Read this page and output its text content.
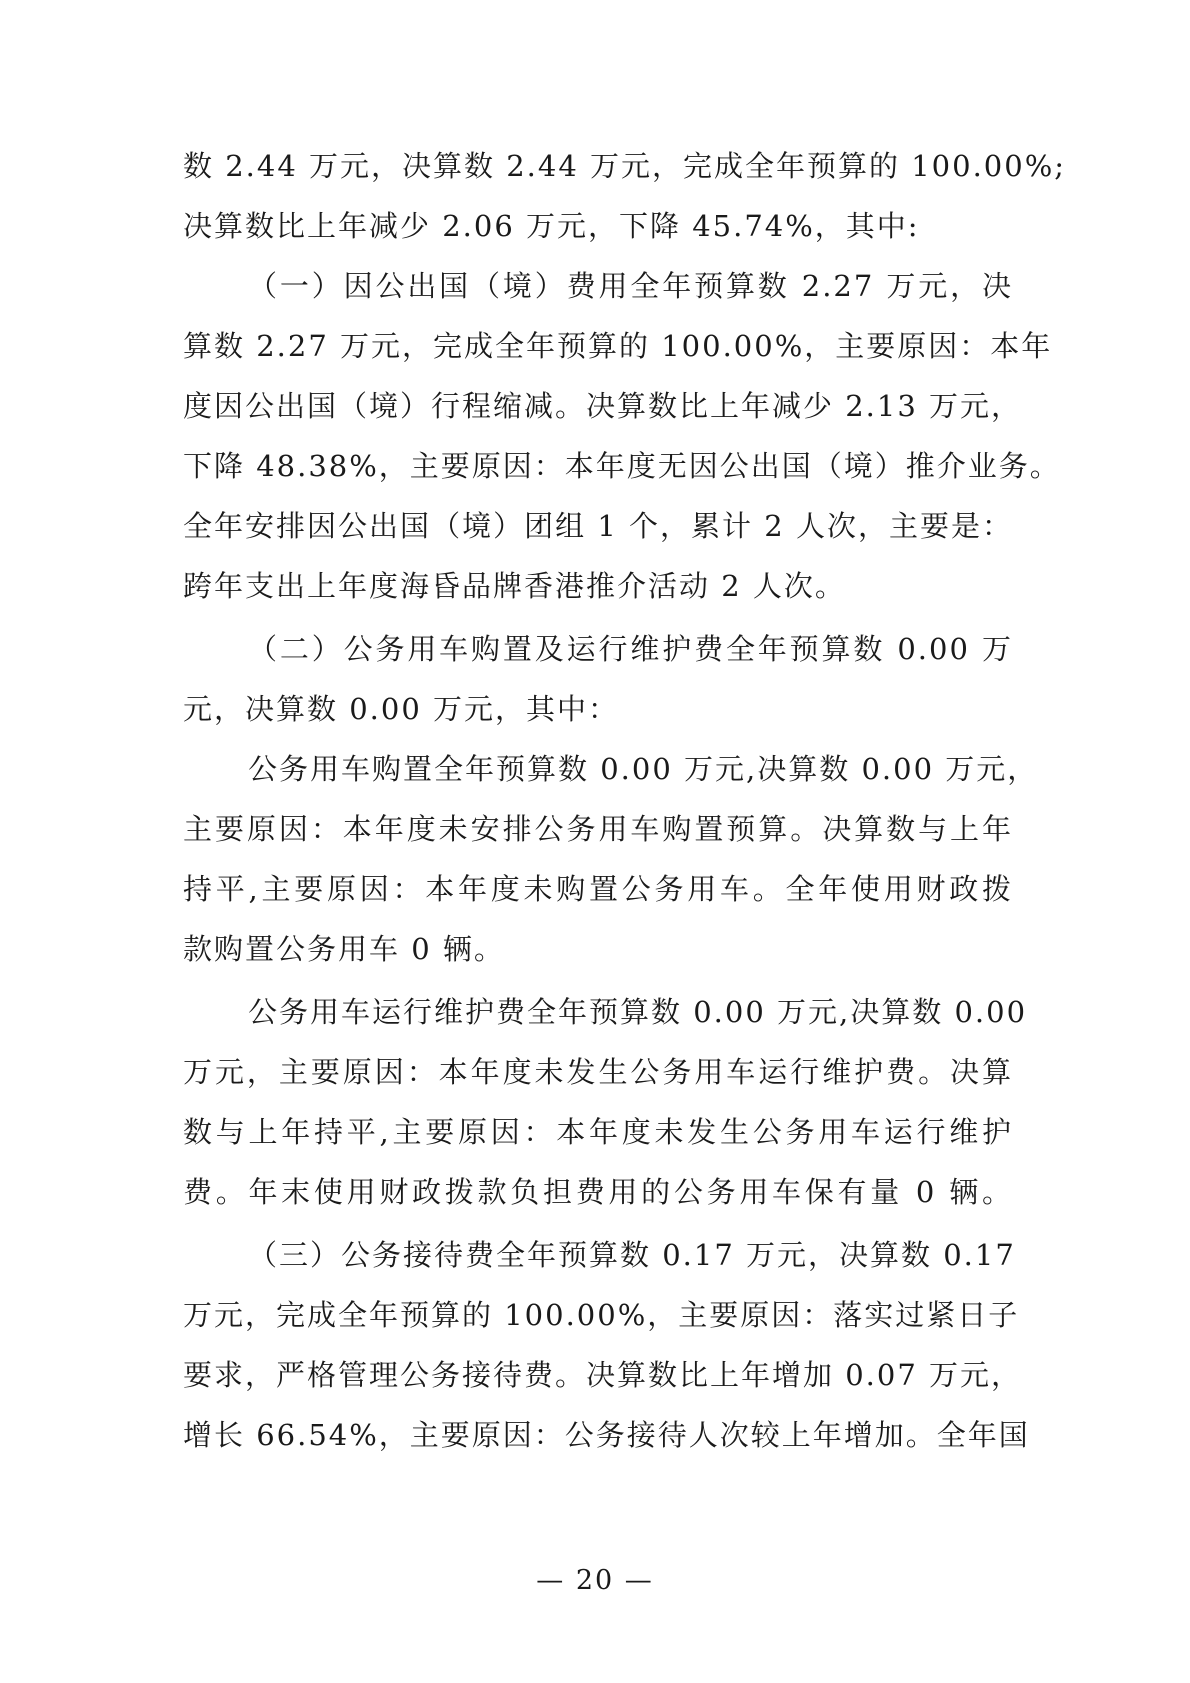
数 2.44 万元，决算数 2.44 万元，完成全年预算的 100.00%;
决算数比上年减少 2.06 万元，下降 45.74%，其中:
（一）因公出国（境）费用全年预算数 2.27 万元，决
算数 2.27 万元，完成全年预算的 100.00%，主要原因：本年
度因公出国（境）行程缩减。决算数比上年减少 2.13 万元，
下降 48.38%，主要原因：本年度无因公出国（境）推介业务。
全年安排因公出国（境）团组 1 个，累计 2 人次，主要是：
跨年支出上年度海昏品牌香港推介活动 2 人次。
（二）公务用车购置及运行维护费全年预算数 0.00 万
元，决算数 0.00 万元，其中：
公务用车购置全年预算数 0.00 万元,决算数 0.00 万元，
主要原因：本年度未安排公务用车购置预算。决算数与上年
持平,主要原因：本年度未购置公务用车。全年使用财政拨
款购置公务用车 0 辆。
公务用车运行维护费全年预算数 0.00 万元,决算数 0.00
万元，主要原因：本年度未发生公务用车运行维护费。决算
数与上年持平,主要原因：本年度未发生公务用车运行维护
费。年末使用财政拨款负担费用的公务用车保有量 0 辆。
（三）公务接待费全年预算数 0.17 万元，决算数 0.17
万元，完成全年预算的 100.00%，主要原因：落实过紧日子
要求，严格管理公务接待费。决算数比上年增加 0.07 万元，
增长 66.54%，主要原因：公务接待人次较上年增加。全年国
— 20 —
